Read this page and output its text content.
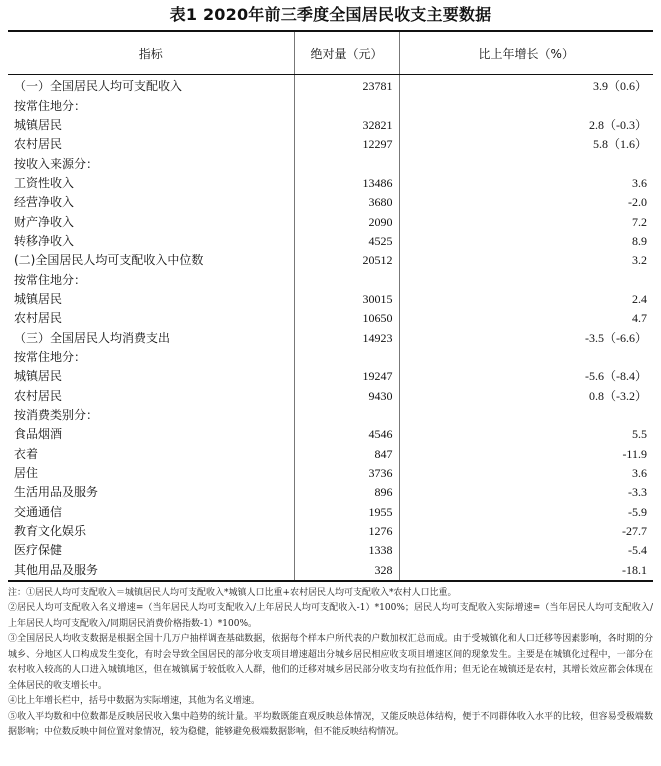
表1 2020年前三季度全国居民收支主要数据
指标	绝对量（元）	比上年增长（%）
（一）全国居民人均可支配收入	23781	3.9（0.6）
按常住地分：		
城镇居民	32821	2.8（-0.3）
农村居民	12297	5.8（1.6）
按收入来源分：		
工资性收入	13486	3.6
经营净收入	3680	-2.0
财产净收入	2090	7.2
转移净收入	4525	8.9
(二)全国居民人均可支配收入中位数	20512	3.2
按常住地分：		
城镇居民	30015	2.4
农村居民	10650	4.7
（三）全国居民人均消费支出	14923	-3.5（-6.6）
按常住地分：		
城镇居民	19247	-5.6（-8.4）
农村居民	9430	0.8（-3.2）
按消费类别分：		
食品烟酒	4546	5.5
衣着	847	-11.9
居住	3736	3.6
生活用品及服务	896	-3.3
交通通信	1955	-5.9
教育文化娱乐	1276	-27.7
医疗保健	1338	-5.4
其他用品及服务	328	-18.1

注：①居民人均可支配收入＝城镇居民人均可支配收入*城镇人口比重+农村居民人均可支配收入*农村人口比重。

②居民人均可支配收入名义增速=（当年居民人均可支配收入/上年居民人均可支配收入-1）*100%；居民人均可支配收入实际增速=（当年居民人均可支配收入/上年居民人均可支配收入/同期居民消费价格指数-1）*100%。

③全国居民人均收支数据是根据全国十几万户抽样调查基础数据，依据每个样本户所代表的户数加权汇总而成。由于受城镇化和人口迁移等因素影响，各时期的分城乡、分地区人口构成发生变化，有时会导致全国居民的部分收支项目增速超出分城乡居民相应收支项目增速区间的现象发生。主要是在城镇化过程中，一部分在农村收入较高的人口进入城镇地区，但在城镇属于较低收入人群，他们的迁移对城乡居民部分收支均有拉低作用；但无论在城镇还是农村，其增长效应都会体现在全体居民的收支增长中。

④比上年增长栏中，括号中数据为实际增速，其他为名义增速。

⑤收入平均数和中位数都是反映居民收入集中趋势的统计量。平均数既能直观反映总体情况，又能反映总体结构，便于不同群体收入水平的比较，但容易受极端数据影响；中位数反映中间位置对象情况，较为稳健，能够避免极端数据影响，但不能反映结构情况。
